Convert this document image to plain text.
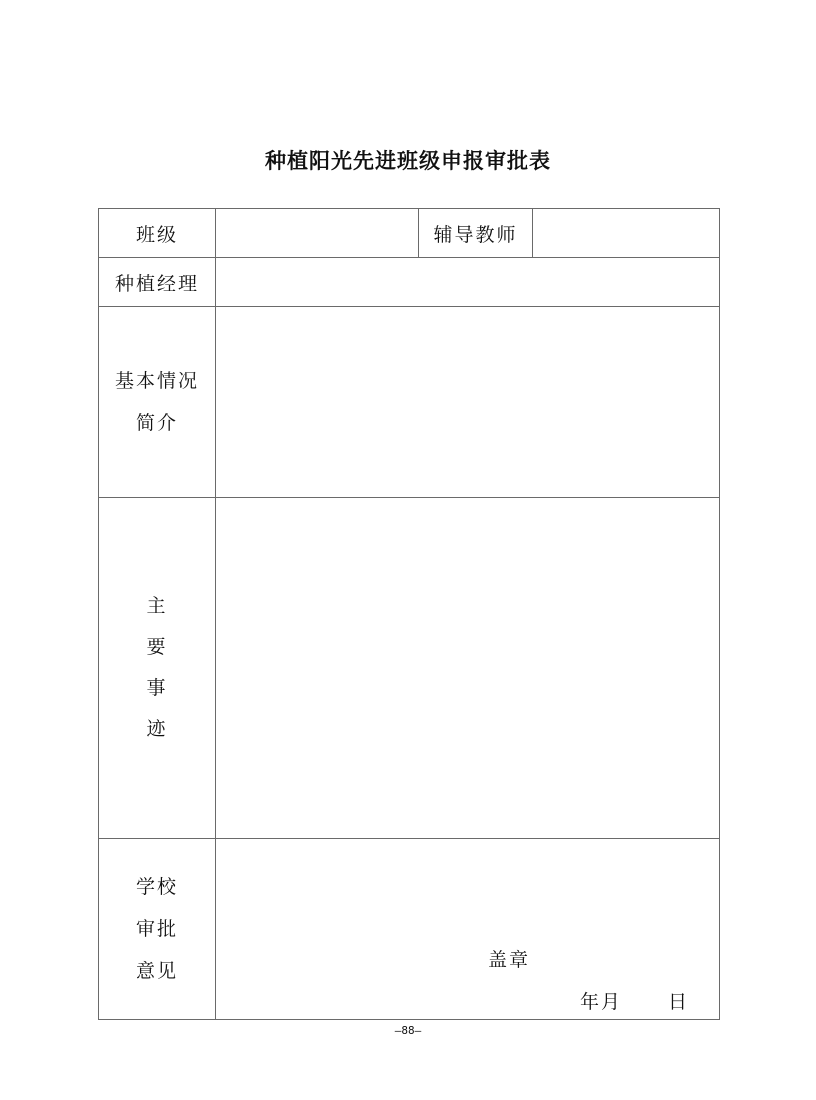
种植阳光先进班级申报审批表
班级		辅导教师	
种植经理			

基本情况
简介			

主
要
事
迹			

学校
审批
意见	盖章
年月 日		
—88—
